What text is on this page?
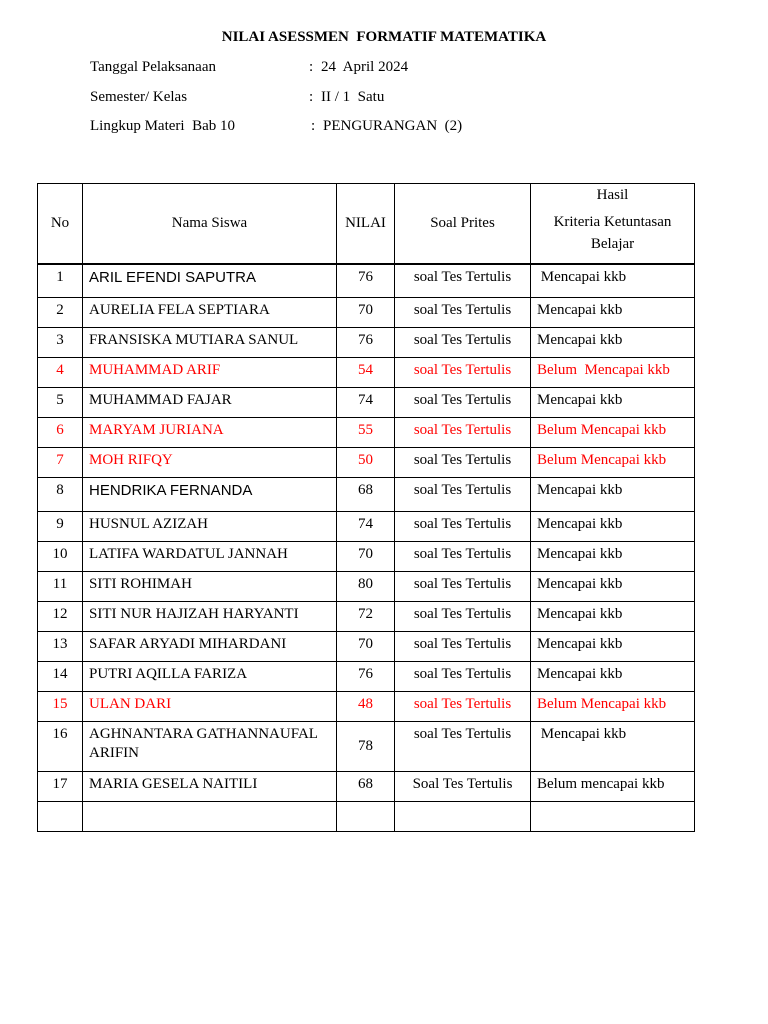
NILAI ASESSMEN  FORMATIF MATEMATIKA

Tanggal Pelaksanaan

	:

24  April 2024

Semester/ Kelas

	:

II / 1  Satu

Lingkup Materi  Bab 10

	:

PENGURANGAN  (2)

No	Nama Siswa	NILAI	Soal Prites	Hasil
Kriteria Ketuntasan Belajar

1	ARIL EFENDI SAPUTRA	76	soal Tes Tertulis	Mencapai kkb
2	AURELIA FELA SEPTIARA	70	soal Tes Tertulis	Mencapai kkb
3	FRANSISKA MUTIARA SANUL	76	soal Tes Tertulis	Mencapai kkb
4	MUHAMMAD ARIF	54	soal Tes Tertulis	Belum  Mencapai kkb
5	MUHAMMAD FAJAR	74	soal Tes Tertulis	Mencapai kkb
6	MARYAM JURIANA	55	soal Tes Tertulis	Belum Mencapai kkb
7	MOH RIFQY	50	soal Tes Tertulis	Belum Mencapai kkb
8	HENDRIKA FERNANDA	68	soal Tes Tertulis	Mencapai kkb
9	HUSNUL AZIZAH	74	soal Tes Tertulis	Mencapai kkb
10	LATIFA WARDATUL JANNAH	70	soal Tes Tertulis	Mencapai kkb
11	SITI ROHIMAH	80	soal Tes Tertulis	Mencapai kkb
12	SITI NUR HAJIZAH HARYANTI	72	soal Tes Tertulis	Mencapai kkb
13	SAFAR ARYADI MIHARDANI	70	soal Tes Tertulis	Mencapai kkb
14	PUTRI AQILLA FARIZA	76	soal Tes Tertulis	Mencapai kkb
15	ULAN DARI	48	soal Tes Tertulis	Belum Mencapai kkb
16	AGHNANTARA GATHANNAUFAL ARIFIN	78	soal Tes Tertulis	Mencapai kkb
17	MARIA GESELA NAITILI	68	Soal Tes Tertulis	Belum mencapai kkb
